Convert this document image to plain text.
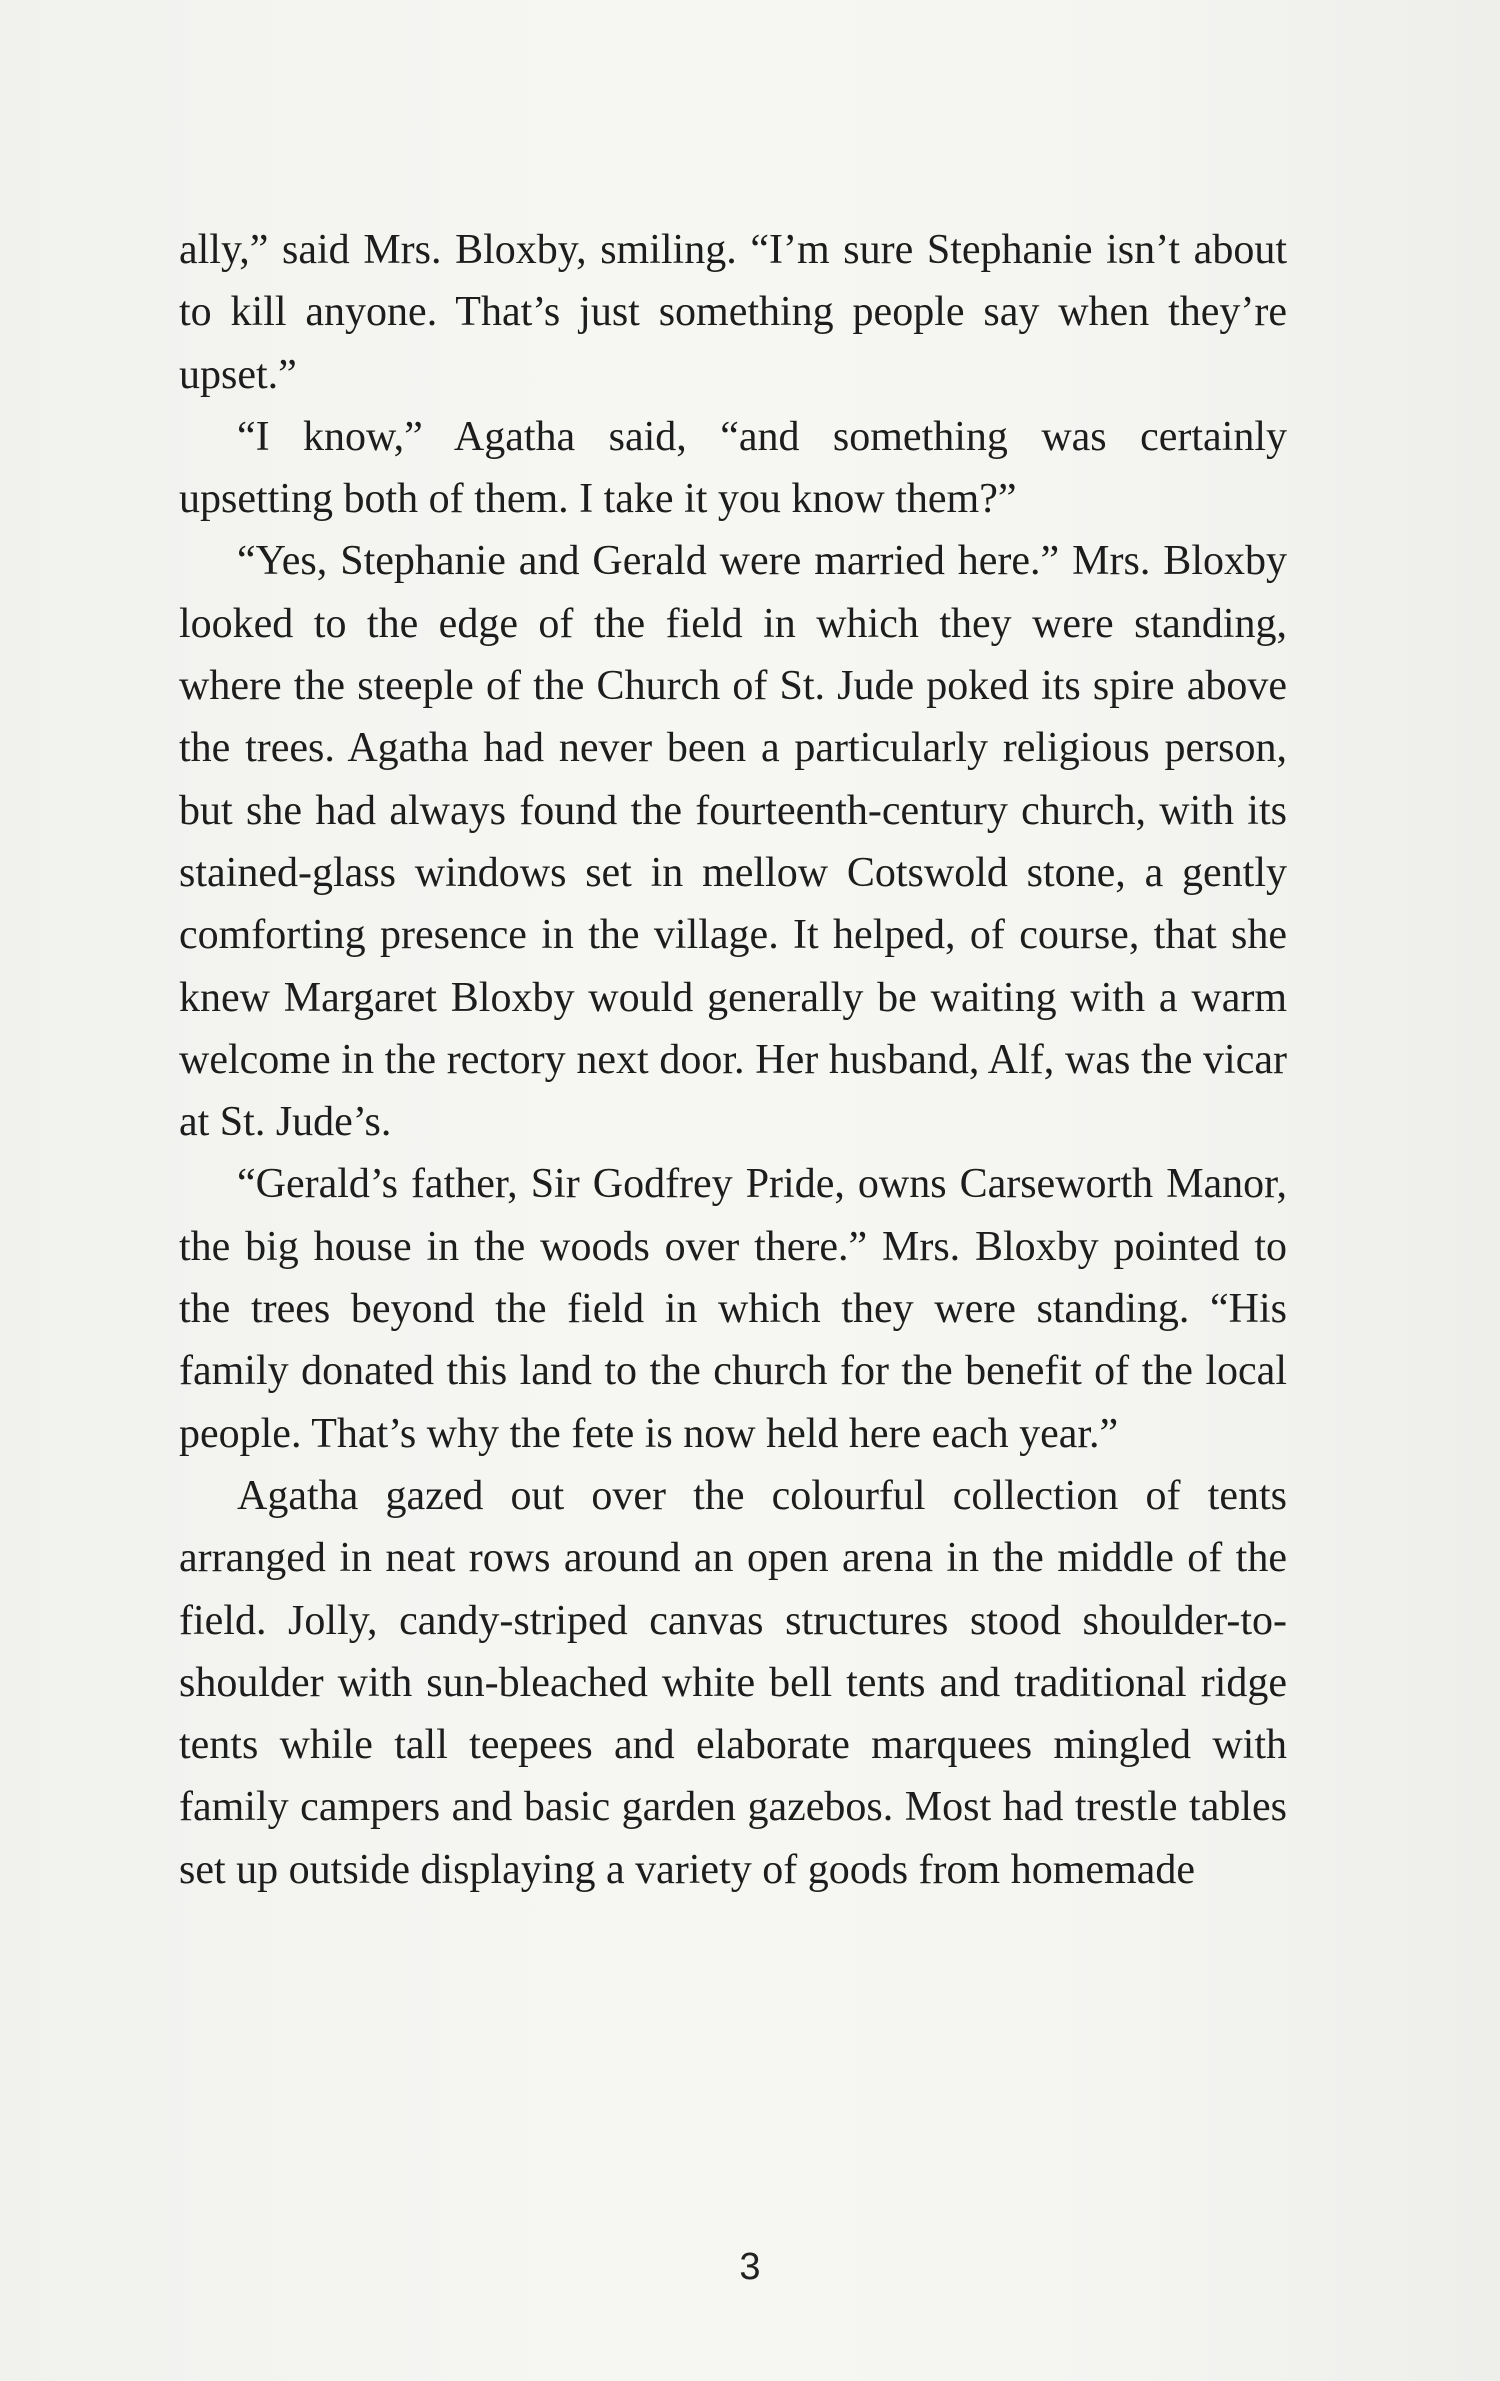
ally,” said Mrs. Bloxby, smiling. “I’m sure Stephanie isn’t about to kill anyone. That’s just something people say when they’re upset.”

“I know,” Agatha said, “and something was certainly upsetting both of them. I take it you know them?”

“Yes, Stephanie and Gerald were married here.” Mrs. Bloxby looked to the edge of the field in which they were standing, where the steeple of the Church of St. Jude poked its spire above the trees. Agatha had never been a particularly religious person, but she had always found the fourteenth-century church, with its stained-glass windows set in mellow Cotswold stone, a gently comforting presence in the village. It helped, of course, that she knew Margaret Bloxby would generally be waiting with a warm welcome in the rectory next door. Her husband, Alf, was the vicar at St. Jude’s.

“Gerald’s father, Sir Godfrey Pride, owns Carseworth Manor, the big house in the woods over there.” Mrs. Bloxby pointed to the trees beyond the field in which they were standing. “His family donated this land to the church for the benefit of the local people. That’s why the fete is now held here each year.”

Agatha gazed out over the colourful collection of tents arranged in neat rows around an open arena in the middle of the field. Jolly, candy-striped canvas structures stood shoulder-to-shoulder with sun-bleached white bell tents and traditional ridge tents while tall teepees and elaborate marquees mingled with family campers and basic garden gazebos. Most had trestle tables set up outside displaying a variety of goods from homemade

3
